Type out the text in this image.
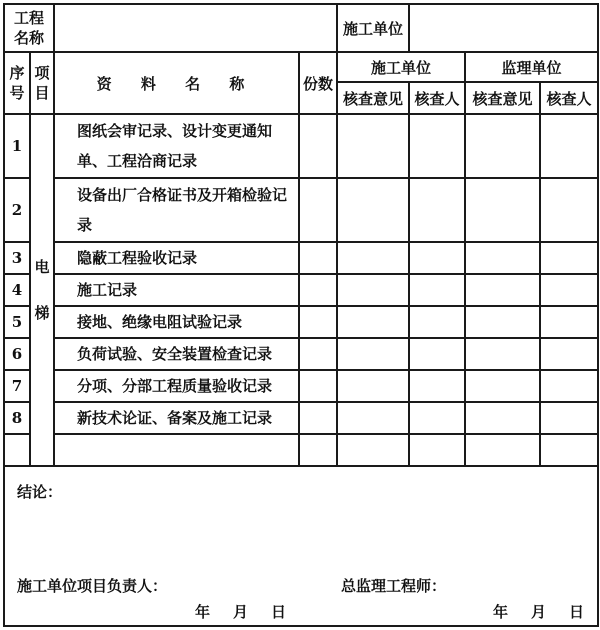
工程名称				施工单位			

序号	项目	资 料 名 称	份数	施工单位		监理单位	
				核查意见	核查人	核查意见	核查人
1	电梯	图纸会审记录、设计变更通知单、工程洽商记录					
2		设备出厂合格证书及开箱检验记录					
3		隐蔽工程验收记录					
4		施工记录					
5		接地、绝缘电阻试验记录					
6		负荷试验、安全装置检查记录					
7		分项、分部工程质量验收记录					
8		新技术论证、备案及施工记录					

结论：
施工单位项目负责人： 总监理工程师：
年　月　日 年　月　日							
